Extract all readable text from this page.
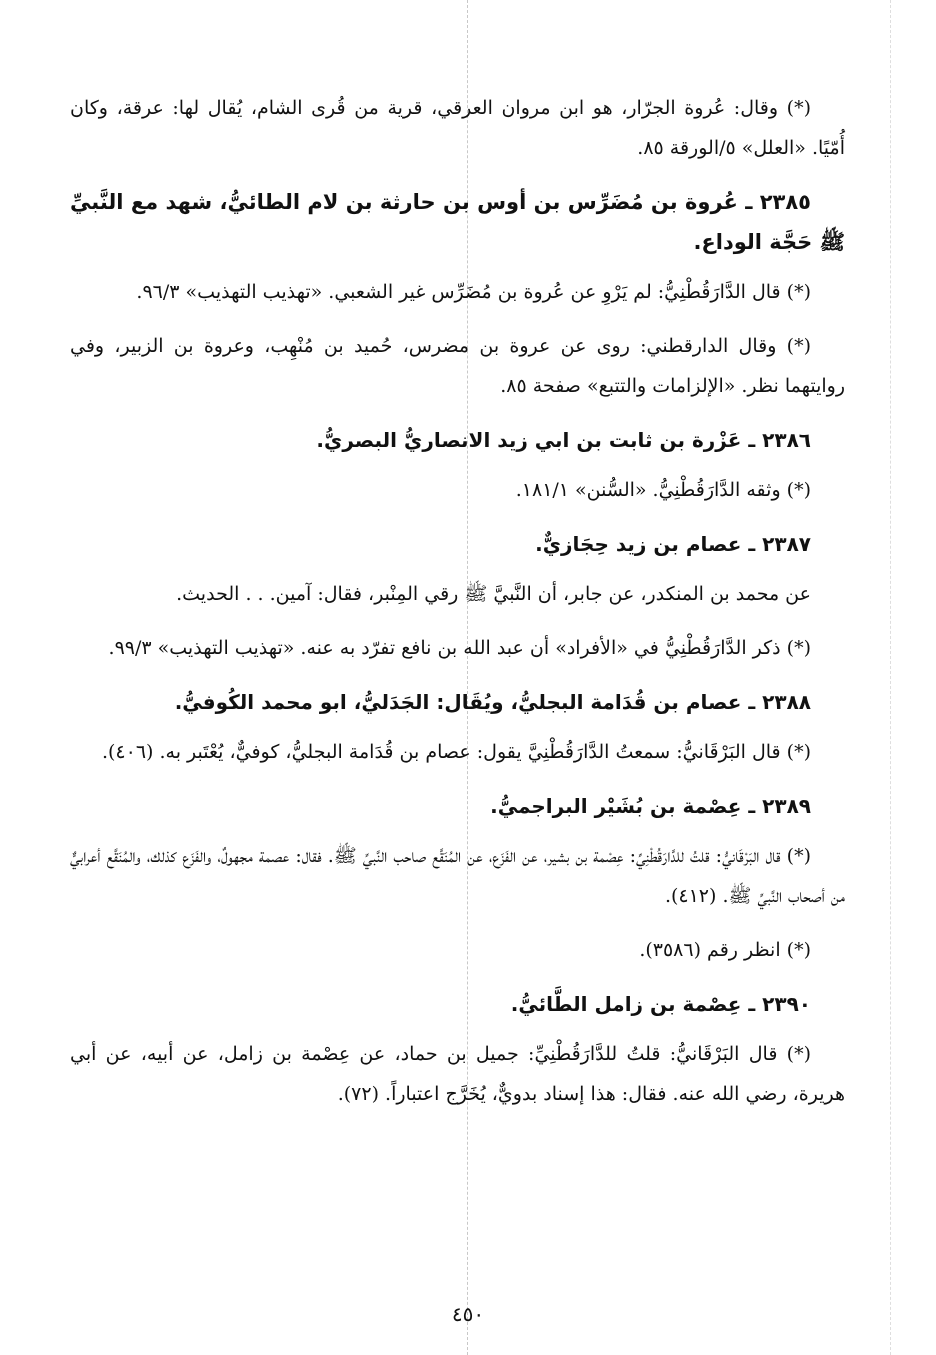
(*) وقال: عُروة الجرّار، هو ابن مروان العرقي، قرية من قُرى الشام، يُقال لها: عرقة، وكان أُمّيًا. «العلل» ٥/الورقة ٨٥.

٢٣٨٥ ـ عُروة بن مُضَرِّس بن أوس بن حارثة بن لام الطائيُّ، شهد مع النَّبيِّ ﷺ حَجَّة الوداع.

(*) قال الدَّارَقُطْنِيُّ: لم يَرْوِ عن عُروة بن مُضَرِّس غير الشعبي. «تهذيب التهذيب» ٩٦/٣.

(*) وقال الدارقطني: روى عن عروة بن مضرس، حُميد بن مُنْهِب، وعروة بن الزبير، وفي روايتهما نظر. «الإلزامات والتتبع» صفحة ٨٥.

٢٣٨٦ ـ عَزْرة بن ثابت بن ابي زيد الانصاريُّ البصريُّ.

(*) وثقه الدَّارَقُطْنِيُّ. «السُّنن» ١٨١/١.

٢٣٨٧ ـ عصام بن زيد حِجَازيٌّ.

عن محمد بن المنكدر، عن جابر، أن النَّبيَّ ﷺ رقي المِنْبر، فقال: آمين. . . الحديث.

(*) ذكر الدَّارَقُطْنِيُّ في «الأفراد» أن عبد الله بن نافع تفرّد به عنه. «تهذيب التهذيب» ٩٩/٣.

٢٣٨٨ ـ عصام بن قُدَامة البجليُّ، ويُقَال: الجَدَليُّ، ابو محمد الكُوفيُّ.

(*) قال البَرْقَانيُّ: سمعتُ الدَّارَقُطْنِيَّ يقول: عصام بن قُدَامة البجليُّ، كوفيٌّ، يُعْتَبر به. (٤٠٦).

٢٣٨٩ ـ عِصْمة بن بُشَيْر البراجميُّ.

(*) قال البَرْقَانيُّ: قلتُ للدَّارَقُطْنِيِّ: عِصْمة بن بشير، عن الفَزَع، عن المُنَقَّع صاحب النَّبيِّ ﷺ. فقال: عصمة مجهولٌ، والفَزَع كذلك، والمُنَقَّع أعرابيٌّ من أصحاب النَّبيِّ ﷺ. (٤١٢).

(*) انظر رقم (٣٥٨٦).

٢٣٩٠ ـ عِصْمة بن زامل الطَّائيُّ.

(*) قال البَرْقَانيُّ: قلتُ للدَّارَقُطْنِيِّ: جميل بن حماد، عن عِصْمة بن زامل، عن أبيه، عن أبي هريرة، رضي الله عنه. فقال: هذا إسناد بدويٌّ، يُخَرَّج اعتباراً. (٧٢).

٤٥٠
